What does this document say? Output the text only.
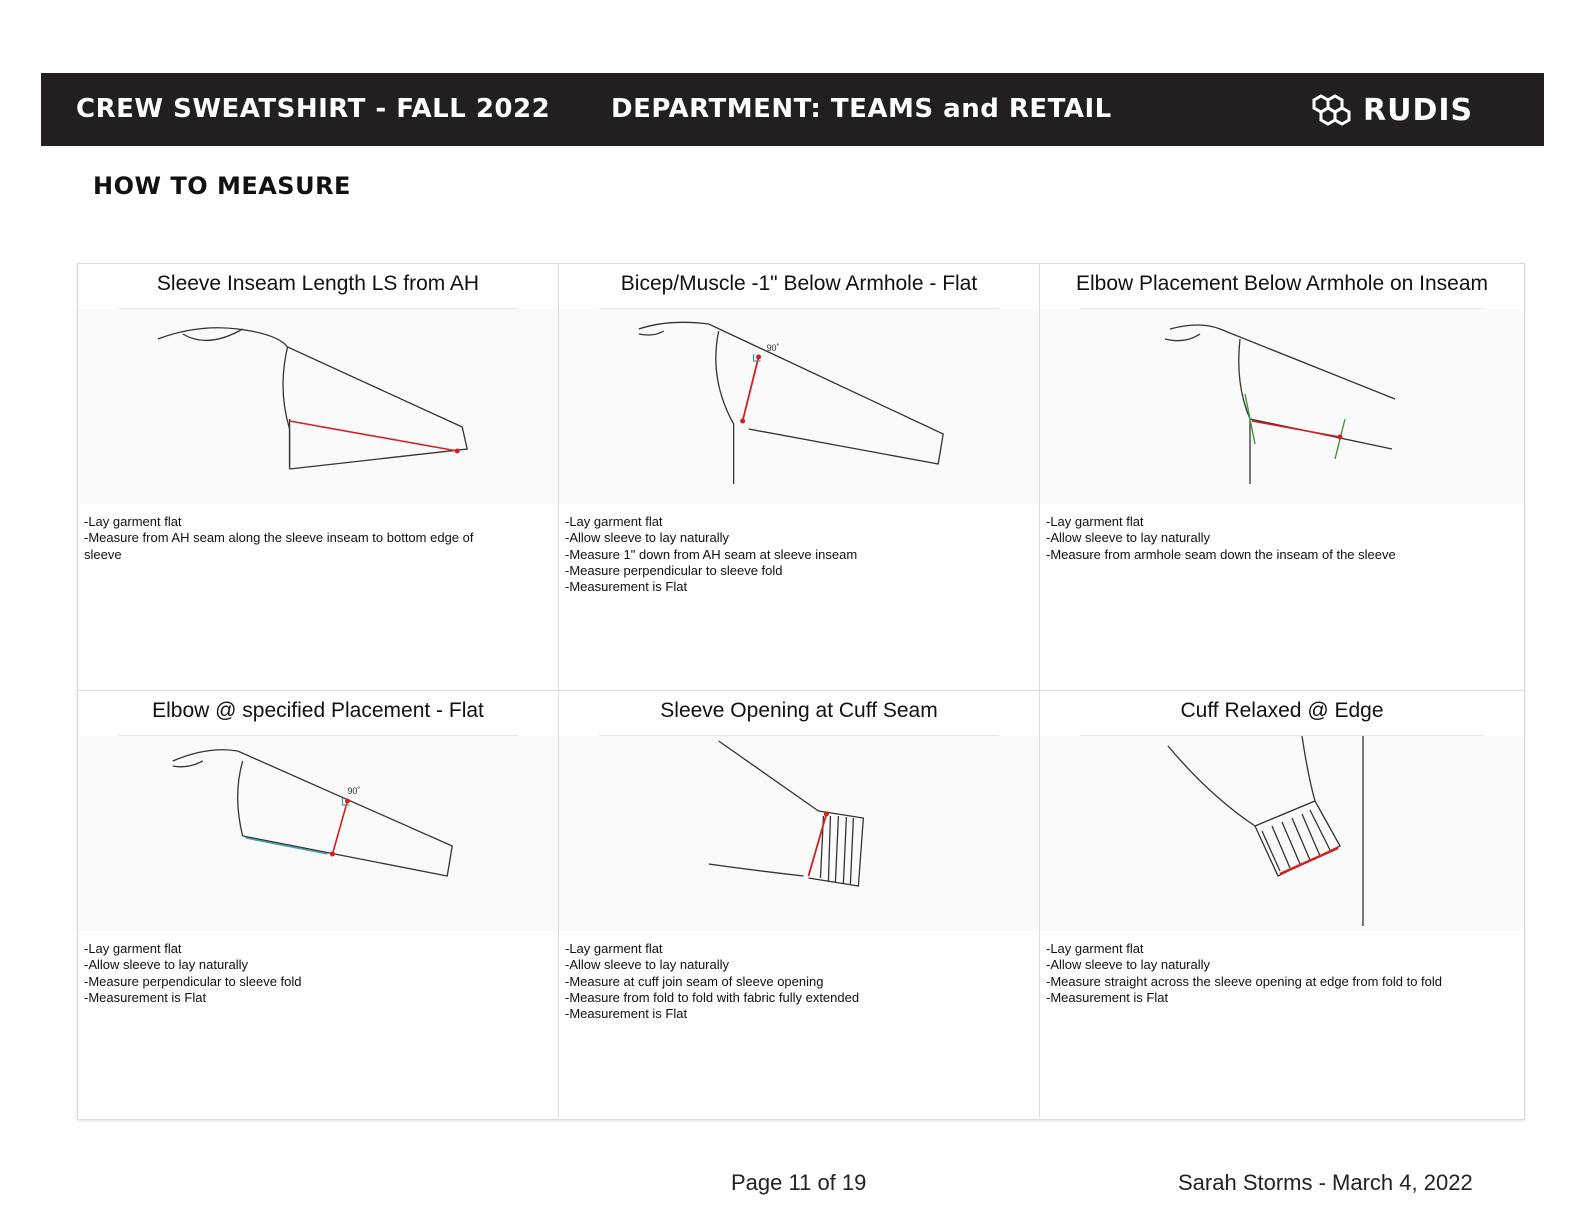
CREW SWEATSHIRT - FALL 2022 DEPARTMENT: TEAMS and RETAIL	RUDIS
HOW TO MEASURE
Sleeve Inseam Length LS from AH
-Lay garment flat
-Measure from AH seam along the sleeve inseam to bottom edge of
sleeve
Bicep/Muscle -1" Below Armhole - Flat
90˚
-Lay garment flat
-Allow sleeve to lay naturally
-Measure 1" down from AH seam at sleeve inseam
-Measure perpendicular to sleeve fold
-Measurement is Flat
Elbow Placement Below Armhole on Inseam
-Lay garment flat
-Allow sleeve to lay naturally
-Measure from armhole seam down the inseam of the sleeve
Elbow @ specified Placement - Flat
90˚
-Lay garment flat
-Allow sleeve to lay naturally
-Measure perpendicular to sleeve fold
-Measurement is Flat
Sleeve Opening at Cuff Seam
-Lay garment flat
-Allow sleeve to lay naturally
-Measure at cuff join seam of sleeve opening
-Measure from fold to fold with fabric fully extended
-Measurement is Flat
Cuff Relaxed @ Edge
-Lay garment flat
-Allow sleeve to lay naturally
-Measure straight across the sleeve opening at edge from fold to fold
-Measurement is Flat
Page 11 of 19	Sarah Storms - March 4, 2022
